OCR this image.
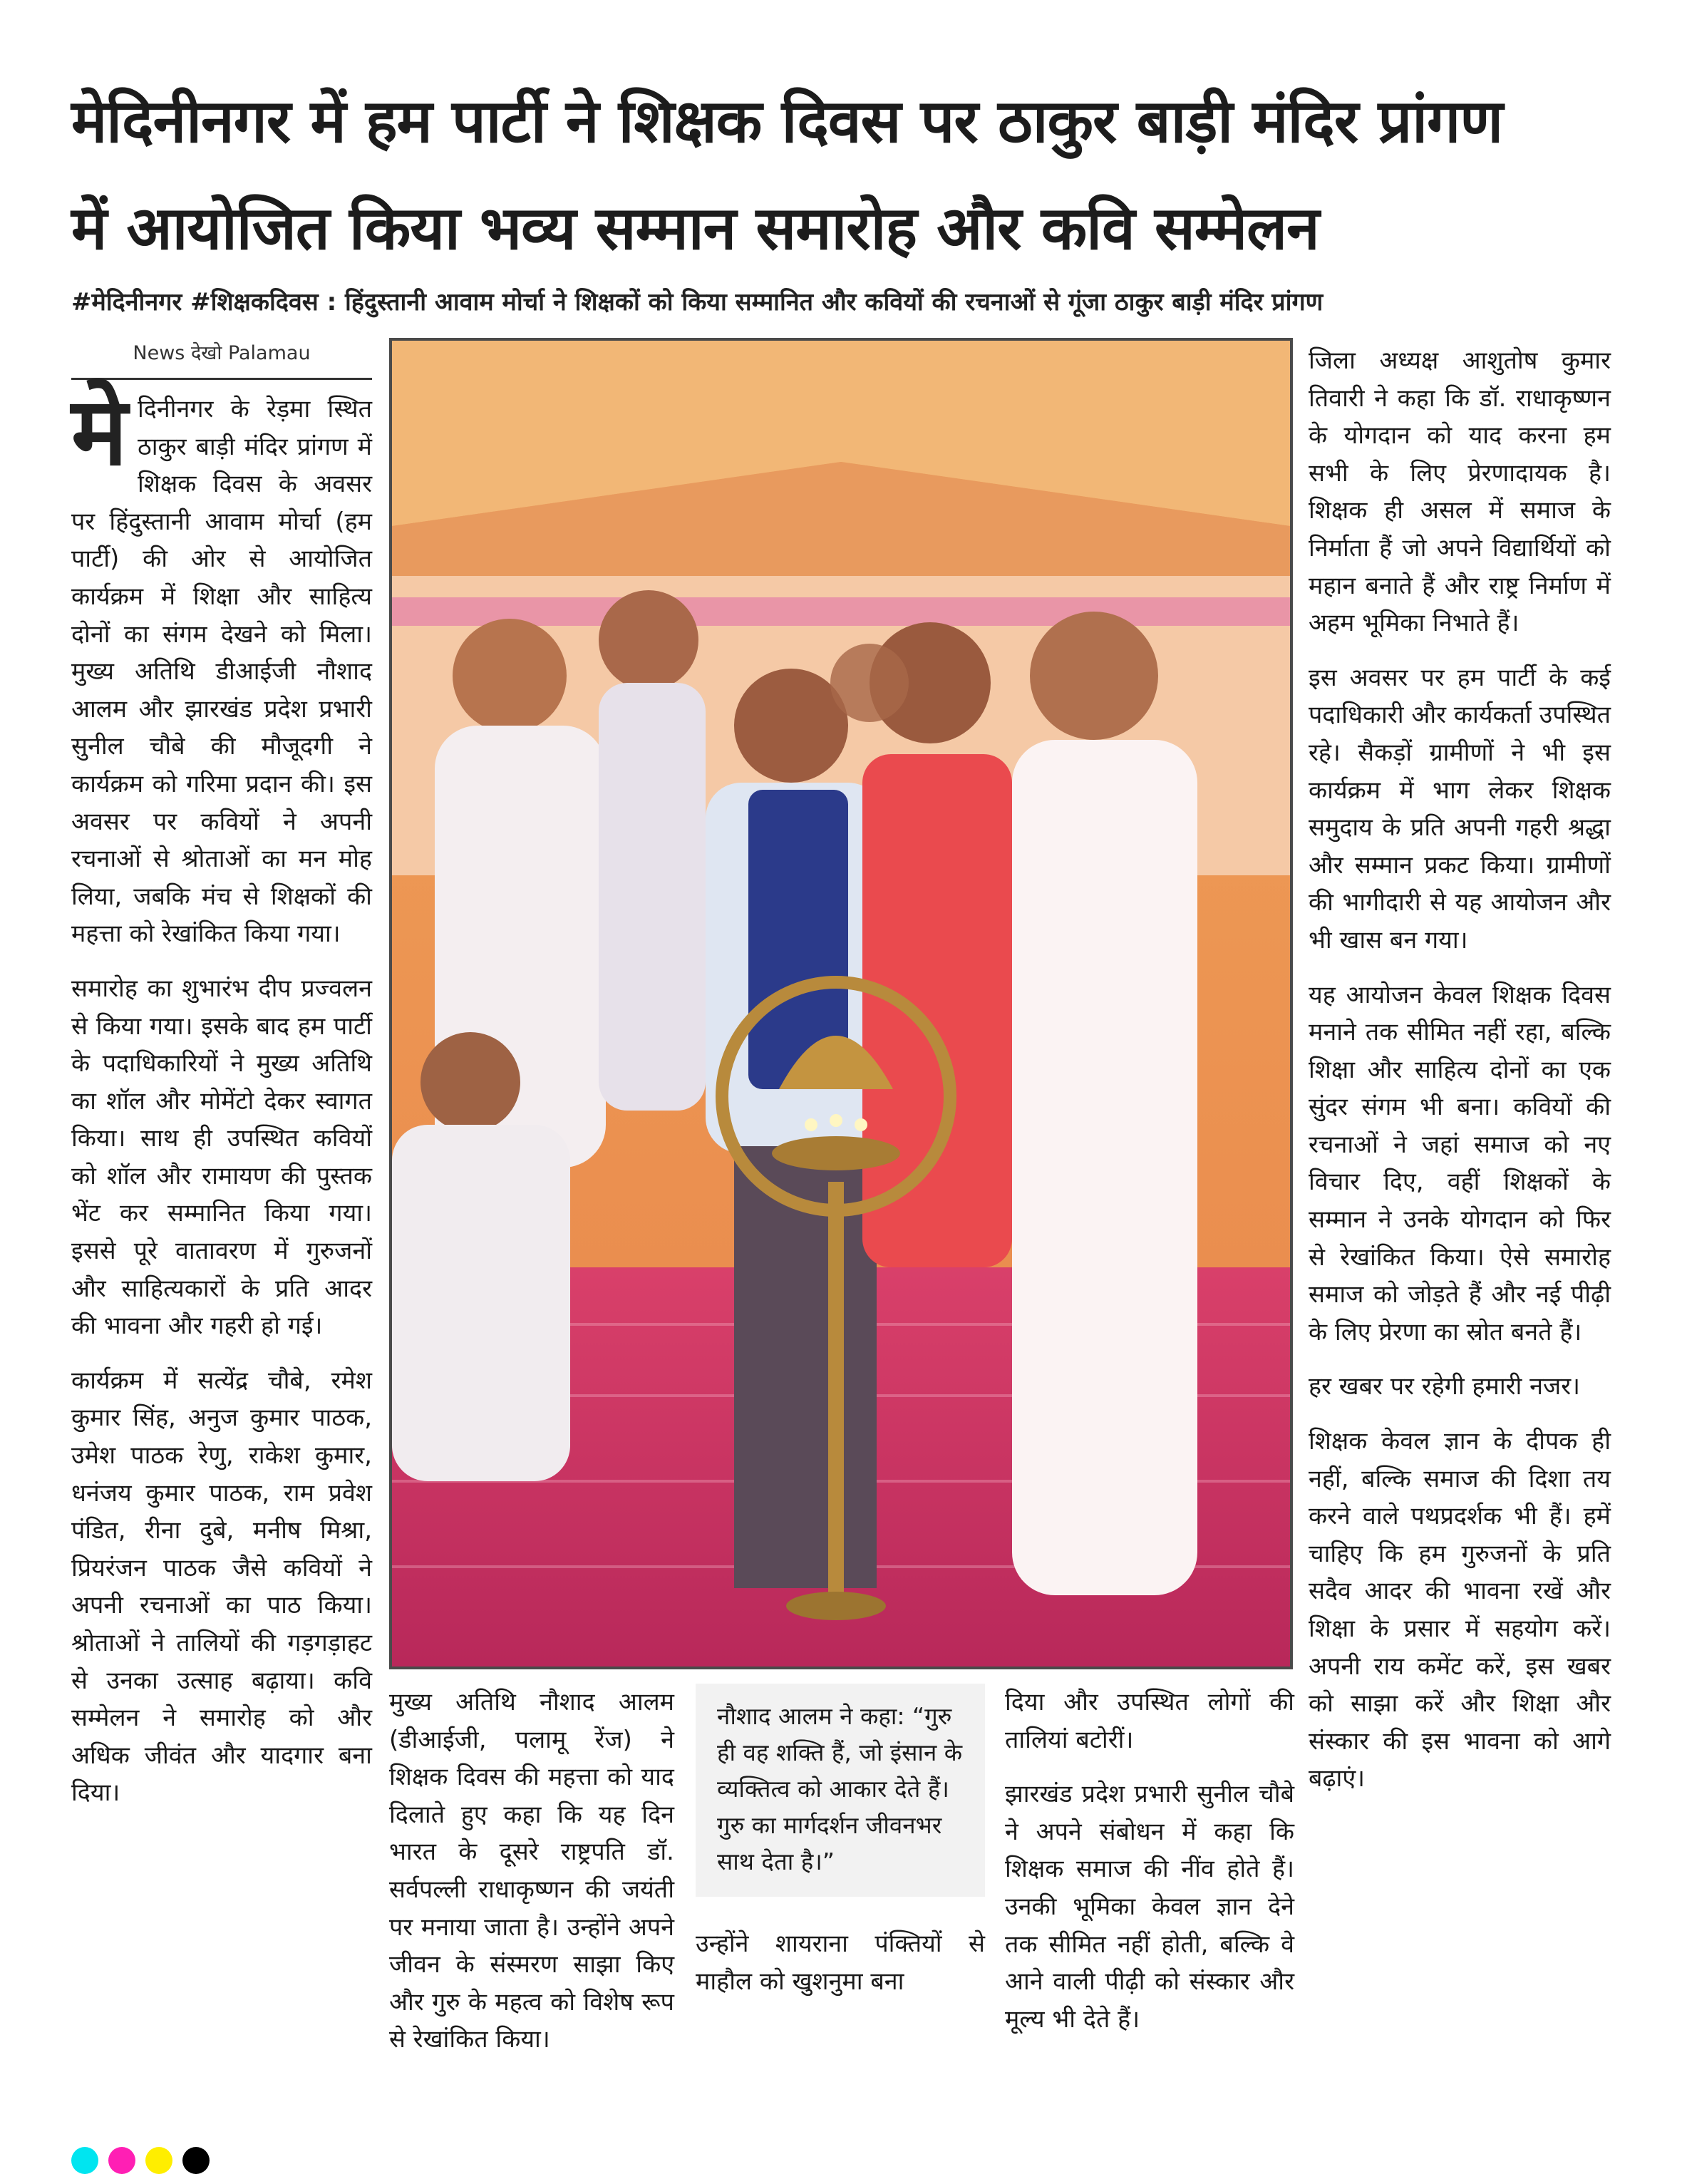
मेदिनीनगर में हम पार्टी ने शिक्षक दिवस पर ठाकुर बाड़ी मंदिर प्रांगण
में आयोजित किया भव्य सम्मान समारोह और कवि सम्मेलन
#मेदिनीनगर #शिक्षकदिवस : हिंदुस्तानी आवाम मोर्चा ने शिक्षकों को किया सम्मानित और कवियों की रचनाओं से गूंजा ठाकुर बाड़ी मंदिर प्रांगण
News देखो Palamau

मेदिनीनगर के रेड़मा स्थित ठाकुर बाड़ी मंदिर प्रांगण में शिक्षक दिवस के अवसर पर हिंदुस्तानी आवाम मोर्चा (हम पार्टी) की ओर से आयोजित कार्यक्रम में शिक्षा और साहित्य दोनों का संगम देखने को मिला। मुख्य अतिथि डीआईजी नौशाद आलम और झारखंड प्रदेश प्रभारी सुनील चौबे की मौजूदगी ने कार्यक्रम को गरिमा प्रदान की। इस अवसर पर कवियों ने अपनी रचनाओं से श्रोताओं का मन मोह लिया, जबकि मंच से शिक्षकों की महत्ता को रेखांकित किया गया।

समारोह का शुभारंभ दीप प्रज्वलन से किया गया। इसके बाद हम पार्टी के पदाधिकारियों ने मुख्य अतिथि का शॉल और मोमेंटो देकर स्वागत किया। साथ ही उपस्थित कवियों को शॉल और रामायण की पुस्तक भेंट कर सम्मानित किया गया। इससे पूरे वातावरण में गुरुजनों और साहित्यकारों के प्रति आदर की भावना और गहरी हो गई।

कार्यक्रम में सत्येंद्र चौबे, रमेश कुमार सिंह, अनुज कुमार पाठक, उमेश पाठक रेणु, राकेश कुमार, धनंजय कुमार पाठक, राम प्रवेश पंडित, रीना दुबे, मनीष मिश्रा, प्रियरंजन पाठक जैसे कवियों ने अपनी रचनाओं का पाठ किया। श्रोताओं ने तालियों की गड़गड़ाहट से उनका उत्साह बढ़ाया। कवि सम्मेलन ने समारोह को और अधिक जीवंत और यादगार बना दिया।

मुख्य अतिथि नौशाद आलम (डीआईजी, पलामू रेंज) ने शिक्षक दिवस की महत्ता को याद दिलाते हुए कहा कि यह दिन भारत के दूसरे राष्ट्रपति डॉ. सर्वपल्ली राधाकृष्णन की जयंती पर मनाया जाता है। उन्होंने अपने जीवन के संस्मरण साझा किए और गुरु के महत्व को विशेष रूप से रेखांकित किया।

नौशाद आलम ने कहा: “गुरु ही वह शक्ति हैं, जो इंसान के व्यक्तित्व को आकार देते हैं। गुरु का मार्गदर्शन जीवनभर साथ देता है।”

उन्होंने शायराना पंक्तियों से माहौल को खुशनुमा बना

दिया और उपस्थित लोगों की तालियां बटोरीं।

झारखंड प्रदेश प्रभारी सुनील चौबे ने अपने संबोधन में कहा कि शिक्षक समाज की नींव होते हैं। उनकी भूमिका केवल ज्ञान देने तक सीमित नहीं होती, बल्कि वे आने वाली पीढ़ी को संस्कार और मूल्य भी देते हैं।

जिला अध्यक्ष आशुतोष कुमार तिवारी ने कहा कि डॉ. राधाकृष्णन के योगदान को याद करना हम सभी के लिए प्रेरणादायक है। शिक्षक ही असल में समाज के निर्माता हैं जो अपने विद्यार्थियों को महान बनाते हैं और राष्ट्र निर्माण में अहम भूमिका निभाते हैं।

इस अवसर पर हम पार्टी के कई पदाधिकारी और कार्यकर्ता उपस्थित रहे। सैकड़ों ग्रामीणों ने भी इस कार्यक्रम में भाग लेकर शिक्षक समुदाय के प्रति अपनी गहरी श्रद्धा और सम्मान प्रकट किया। ग्रामीणों की भागीदारी से यह आयोजन और भी खास बन गया।

यह आयोजन केवल शिक्षक दिवस मनाने तक सीमित नहीं रहा, बल्कि शिक्षा और साहित्य दोनों का एक सुंदर संगम भी बना। कवियों की रचनाओं ने जहां समाज को नए विचार दिए, वहीं शिक्षकों के सम्मान ने उनके योगदान को फिर से रेखांकित किया। ऐसे समारोह समाज को जोड़ते हैं और नई पीढ़ी के लिए प्रेरणा का स्रोत बनते हैं।

हर खबर पर रहेगी हमारी नजर।

शिक्षक केवल ज्ञान के दीपक ही नहीं, बल्कि समाज की दिशा तय करने वाले पथप्रदर्शक भी हैं। हमें चाहिए कि हम गुरुजनों के प्रति सदैव आदर की भावना रखें और शिक्षा के प्रसार में सहयोग करें। अपनी राय कमेंट करें, इस खबर को साझा करें और शिक्षा और संस्कार की इस भावना को आगे बढ़ाएं।
